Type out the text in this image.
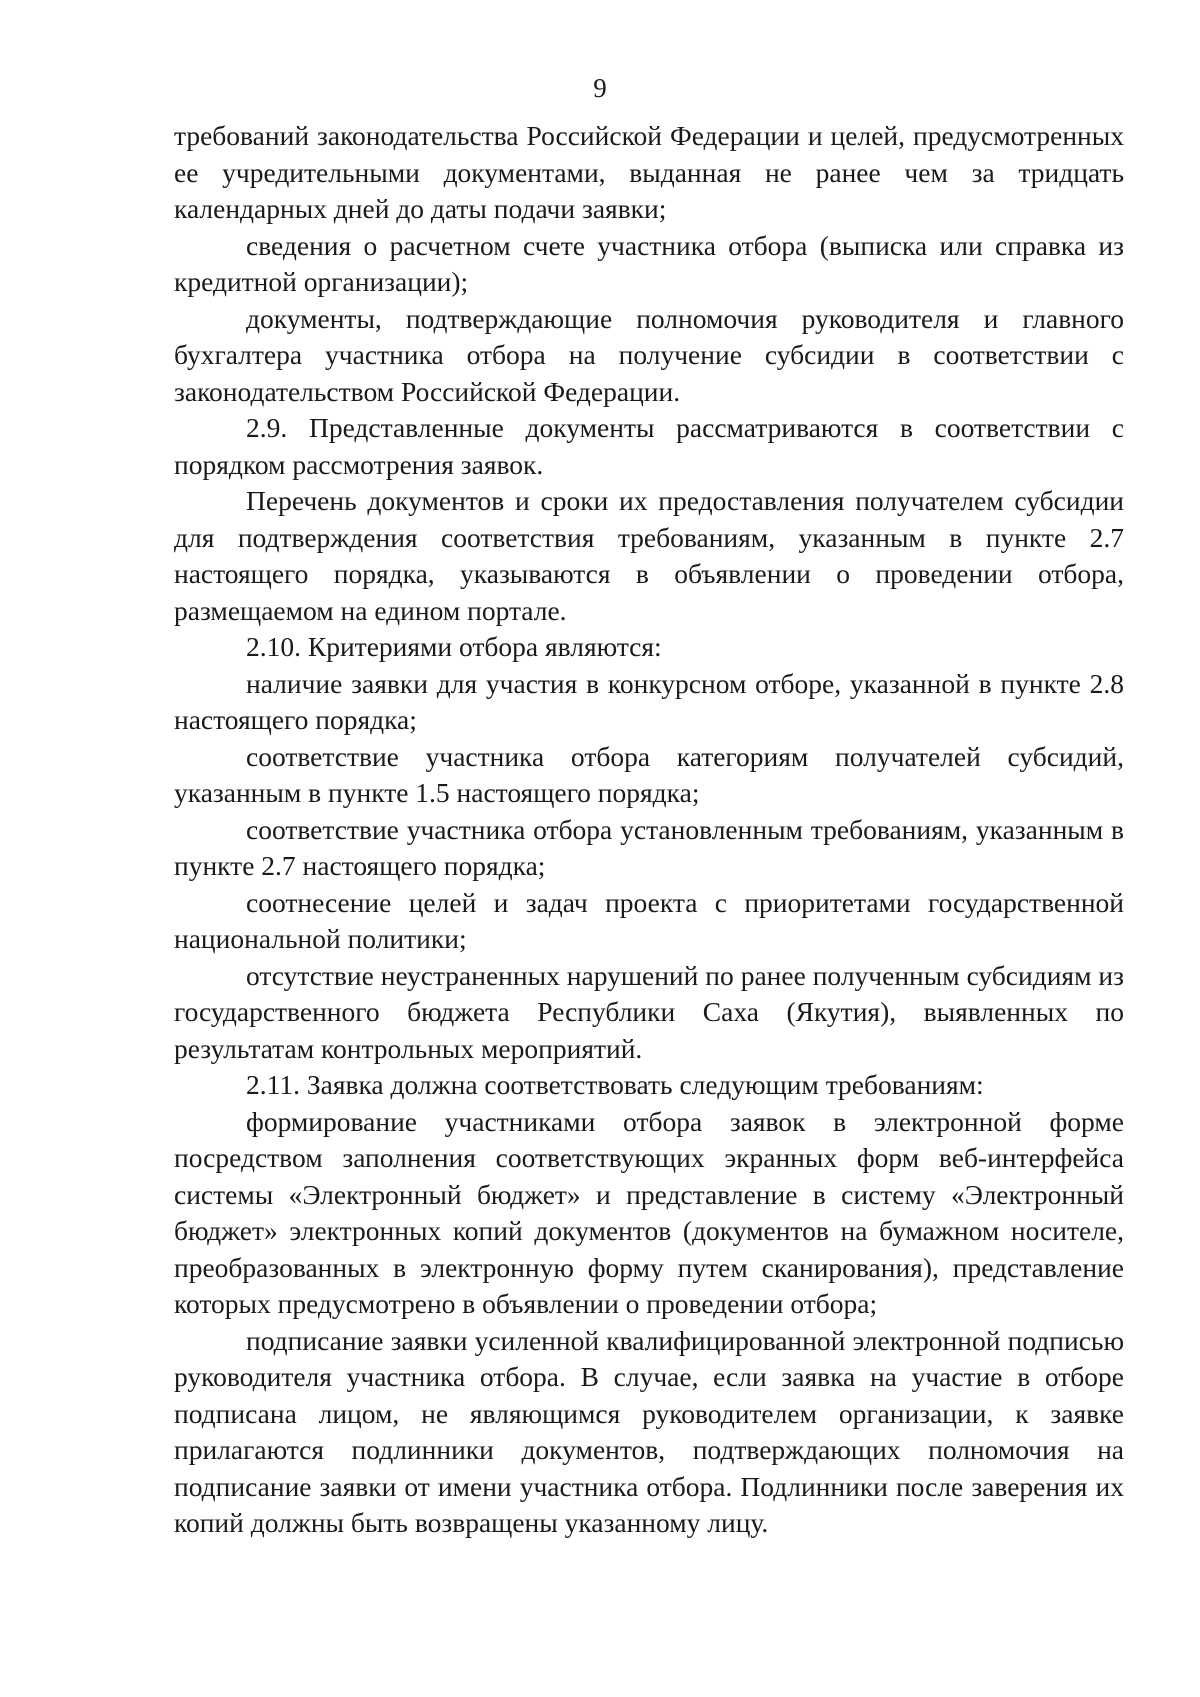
9

требований законодательства Российской Федерации и целей, предусмотренных ее учредительными документами, выданная не ранее чем за тридцать календарных дней до даты подачи заявки;

сведения о расчетном счете участника отбора (выписка или справка из кредитной организации);

документы, подтверждающие полномочия руководителя и главного бухгалтера участника отбора на получение субсидии в соответствии с законодательством Российской Федерации.

2.9. Представленные документы рассматриваются в соответствии с порядком рассмотрения заявок.

Перечень документов и сроки их предоставления получателем субсидии для подтверждения соответствия требованиям, указанным в пункте 2.7 настоящего порядка, указываются в объявлении о проведении отбора, размещаемом на едином портале.

2.10. Критериями отбора являются:

наличие заявки для участия в конкурсном отборе, указанной в пункте 2.8 настоящего порядка;

соответствие участника отбора категориям получателей субсидий, указанным в пункте 1.5 настоящего порядка;

соответствие участника отбора установленным требованиям, указанным в пункте 2.7 настоящего порядка;

соотнесение целей и задач проекта с приоритетами государственной национальной политики;

отсутствие неустраненных нарушений по ранее полученным субсидиям из государственного бюджета Республики Саха (Якутия), выявленных по результатам контрольных мероприятий.

2.11. Заявка должна соответствовать следующим требованиям:

формирование участниками отбора заявок в электронной форме посредством заполнения соответствующих экранных форм веб-интерфейса системы «Электронный бюджет» и представление в систему «Электронный бюджет» электронных копий документов (документов на бумажном носителе, преобразованных в электронную форму путем сканирования), представление которых предусмотрено в объявлении о проведении отбора;

подписание заявки усиленной квалифицированной электронной подписью руководителя участника отбора. В случае, если заявка на участие в отборе подписана лицом, не являющимся руководителем организации, к заявке прилагаются подлинники документов, подтверждающих полномочия на подписание заявки от имени участника отбора. Подлинники после заверения их копий должны быть возвращены указанному лицу.
